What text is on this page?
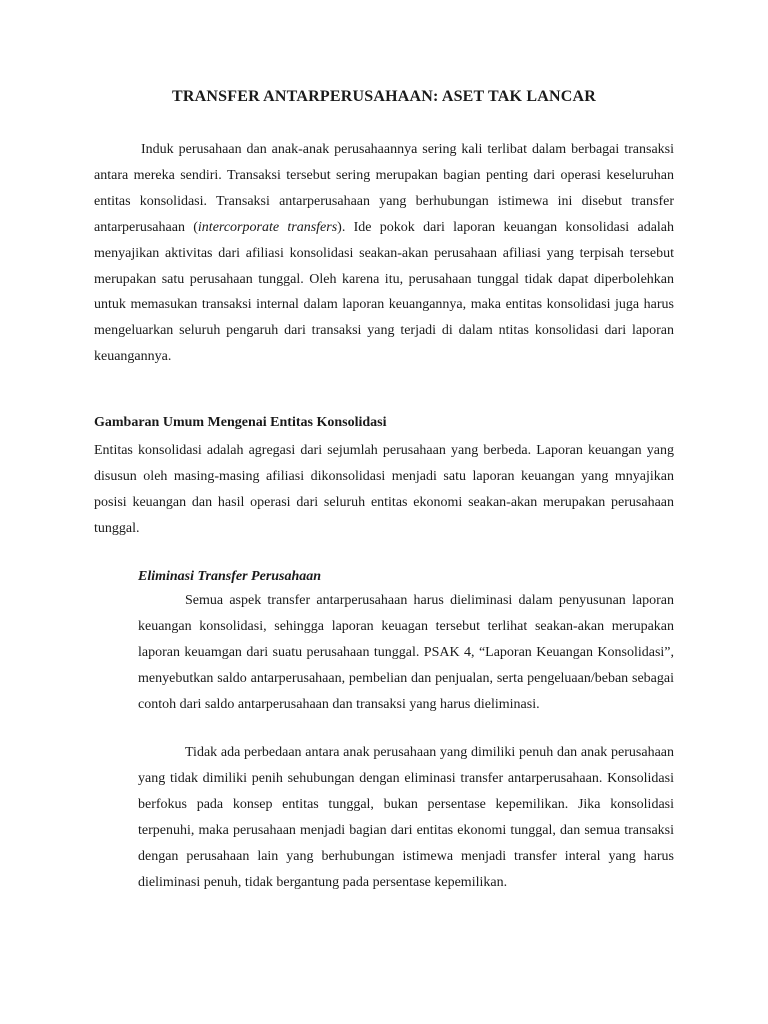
TRANSFER ANTARPERUSAHAAN: ASET TAK LANCAR

Induk perusahaan dan anak-anak perusahaannya sering kali terlibat dalam berbagai transaksi antara mereka sendiri. Transaksi tersebut sering merupakan bagian penting dari operasi keseluruhan entitas konsolidasi. Transaksi antarperusahaan yang berhubungan istimewa ini disebut transfer antarperusahaan (intercorporate transfers). Ide pokok dari laporan keuangan konsolidasi adalah menyajikan aktivitas dari afiliasi konsolidasi seakan-akan perusahaan afiliasi yang terpisah tersebut merupakan satu perusahaan tunggal. Oleh karena itu, perusahaan tunggal tidak dapat diperbolehkan untuk memasukan transaksi internal dalam laporan keuangannya, maka entitas konsolidasi juga harus mengeluarkan seluruh pengaruh dari transaksi yang terjadi di dalam ntitas konsolidasi dari laporan keuangannya.

Gambaran Umum Mengenai Entitas Konsolidasi

Entitas konsolidasi adalah agregasi dari sejumlah perusahaan yang berbeda. Laporan keuangan yang disusun oleh masing-masing afiliasi dikonsolidasi menjadi satu laporan keuangan yang mnyajikan posisi keuangan dan hasil operasi dari seluruh entitas ekonomi seakan-akan merupakan perusahaan tunggal.

Eliminasi Transfer Perusahaan

Semua aspek transfer antarperusahaan harus dieliminasi dalam penyusunan laporan keuangan konsolidasi, sehingga laporan keuagan tersebut terlihat seakan-akan merupakan laporan keuamgan dari suatu perusahaan tunggal. PSAK 4, “Laporan Keuangan Konsolidasi”, menyebutkan saldo antarperusahaan, pembelian dan penjualan, serta pengeluaan/beban sebagai contoh dari saldo antarperusahaan dan transaksi yang harus dieliminasi.

Tidak ada perbedaan antara anak perusahaan yang dimiliki penuh dan anak perusahaan yang tidak dimiliki penih sehubungan dengan eliminasi transfer antarperusahaan. Konsolidasi berfokus pada konsep entitas tunggal, bukan persentase kepemilikan. Jika konsolidasi terpenuhi, maka perusahaan menjadi bagian dari entitas ekonomi tunggal, dan semua transaksi dengan perusahaan lain yang berhubungan istimewa menjadi transfer interal yang harus dieliminasi penuh, tidak bergantung pada persentase kepemilikan.
